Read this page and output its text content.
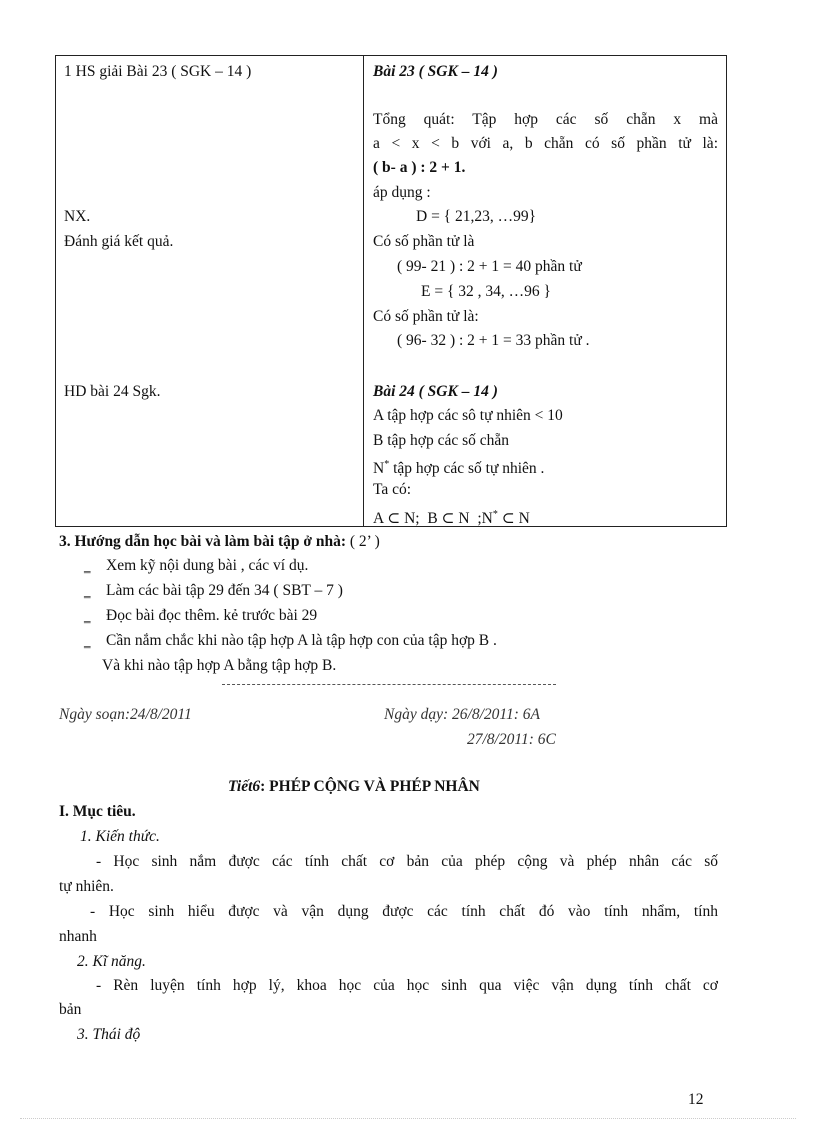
1 HS giải Bài 23 ( SGK – 14 )
NX.
Đánh giá kết quả.
HD bài 24 Sgk.
Bài 23 ( SGK – 14 )
Tổng quát: Tập hợp các số chẵn x mà
a < x < b với a, b chẵn có số phần tử là:
( b- a ) : 2 + 1.
áp dụng :
D = { 21,23, …99}
Có số phần tử là
( 99- 21 ) : 2 + 1 = 40 phần tử
E = { 32 , 34, …96 }
Có số phần tử là:
( 96- 32 ) : 2 + 1 = 33 phần tử .
Bài 24 ( SGK – 14 )
A tập hợp các sô tự nhiên < 10
B tập hợp các số chẵn
N* tập hợp các số tự nhiên .
Ta có:
A ⊂ N;  B ⊂ N  ;N* ⊂ N
3. Hướng dẫn học bài và làm bài tập ở nhà: ( 2’ )
‗ Xem kỹ nội dung bài , các ví dụ.
‗ Làm các bài tập 29 đến 34 ( SBT – 7 )
‗ Đọc bài đọc thêm. kẻ trước bài 29
‗ Cần nắm chắc khi nào tập hợp A là tập hợp con của tập hợp B .
Và khi nào tập hợp A bằng tập hợp B.
Ngày soạn:24/8/2011	Ngày dạy: 26/8/2011: 6A
27/8/2011: 6C
Tiết6: PHÉP CỘNG VÀ PHÉP NHÂN
I. Mục tiêu.
1. Kiến thức.
- Học sinh nắm được các tính chất cơ bản của phép cộng và phép nhân các số
tự nhiên.
- Học sinh hiểu được và vận dụng được các tính chất đó vào tính nhẩm, tính
nhanh
2. Kĩ năng.
- Rèn luyện tính hợp lý, khoa học của học sinh qua việc vận dụng tính chất cơ
bản
3. Thái độ
12
